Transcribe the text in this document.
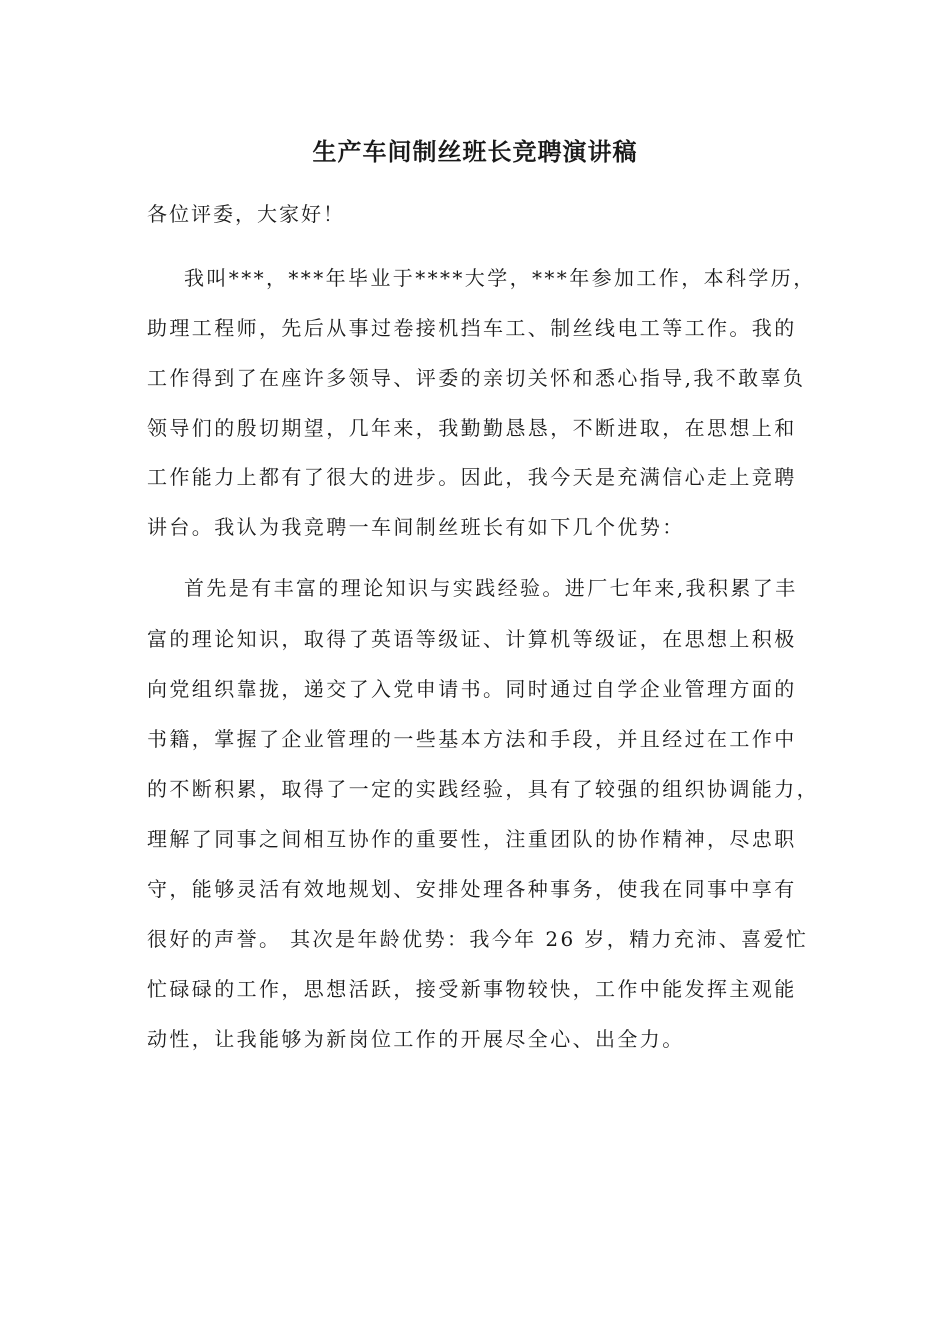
生产车间制丝班长竞聘演讲稿
各位评委，大家好！
我叫***，***年毕业于****大学，***年参加工作，本科学历，
助理工程师，先后从事过卷接机挡车工、制丝线电工等工作。我的
工作得到了在座许多领导、评委的亲切关怀和悉心指导,我不敢辜负
领导们的殷切期望，几年来，我勤勤恳恳，不断进取，在思想上和
工作能力上都有了很大的进步。因此，我今天是充满信心走上竞聘
讲台。我认为我竞聘一车间制丝班长有如下几个优势：
首先是有丰富的理论知识与实践经验。进厂七年来,我积累了丰
富的理论知识，取得了英语等级证、计算机等级证，在思想上积极
向党组织靠拢，递交了入党申请书。同时通过自学企业管理方面的
书籍，掌握了企业管理的一些基本方法和手段，并且经过在工作中
的不断积累，取得了一定的实践经验，具有了较强的组织协调能力，
理解了同事之间相互协作的重要性，注重团队的协作精神，尽忠职
守，能够灵活有效地规划、安排处理各种事务，使我在同事中享有
很好的声誉。 其次是年龄优势：我今年 26 岁，精力充沛、喜爱忙
忙碌碌的工作，思想活跃，接受新事物较快，工作中能发挥主观能
动性，让我能够为新岗位工作的开展尽全心、出全力。
